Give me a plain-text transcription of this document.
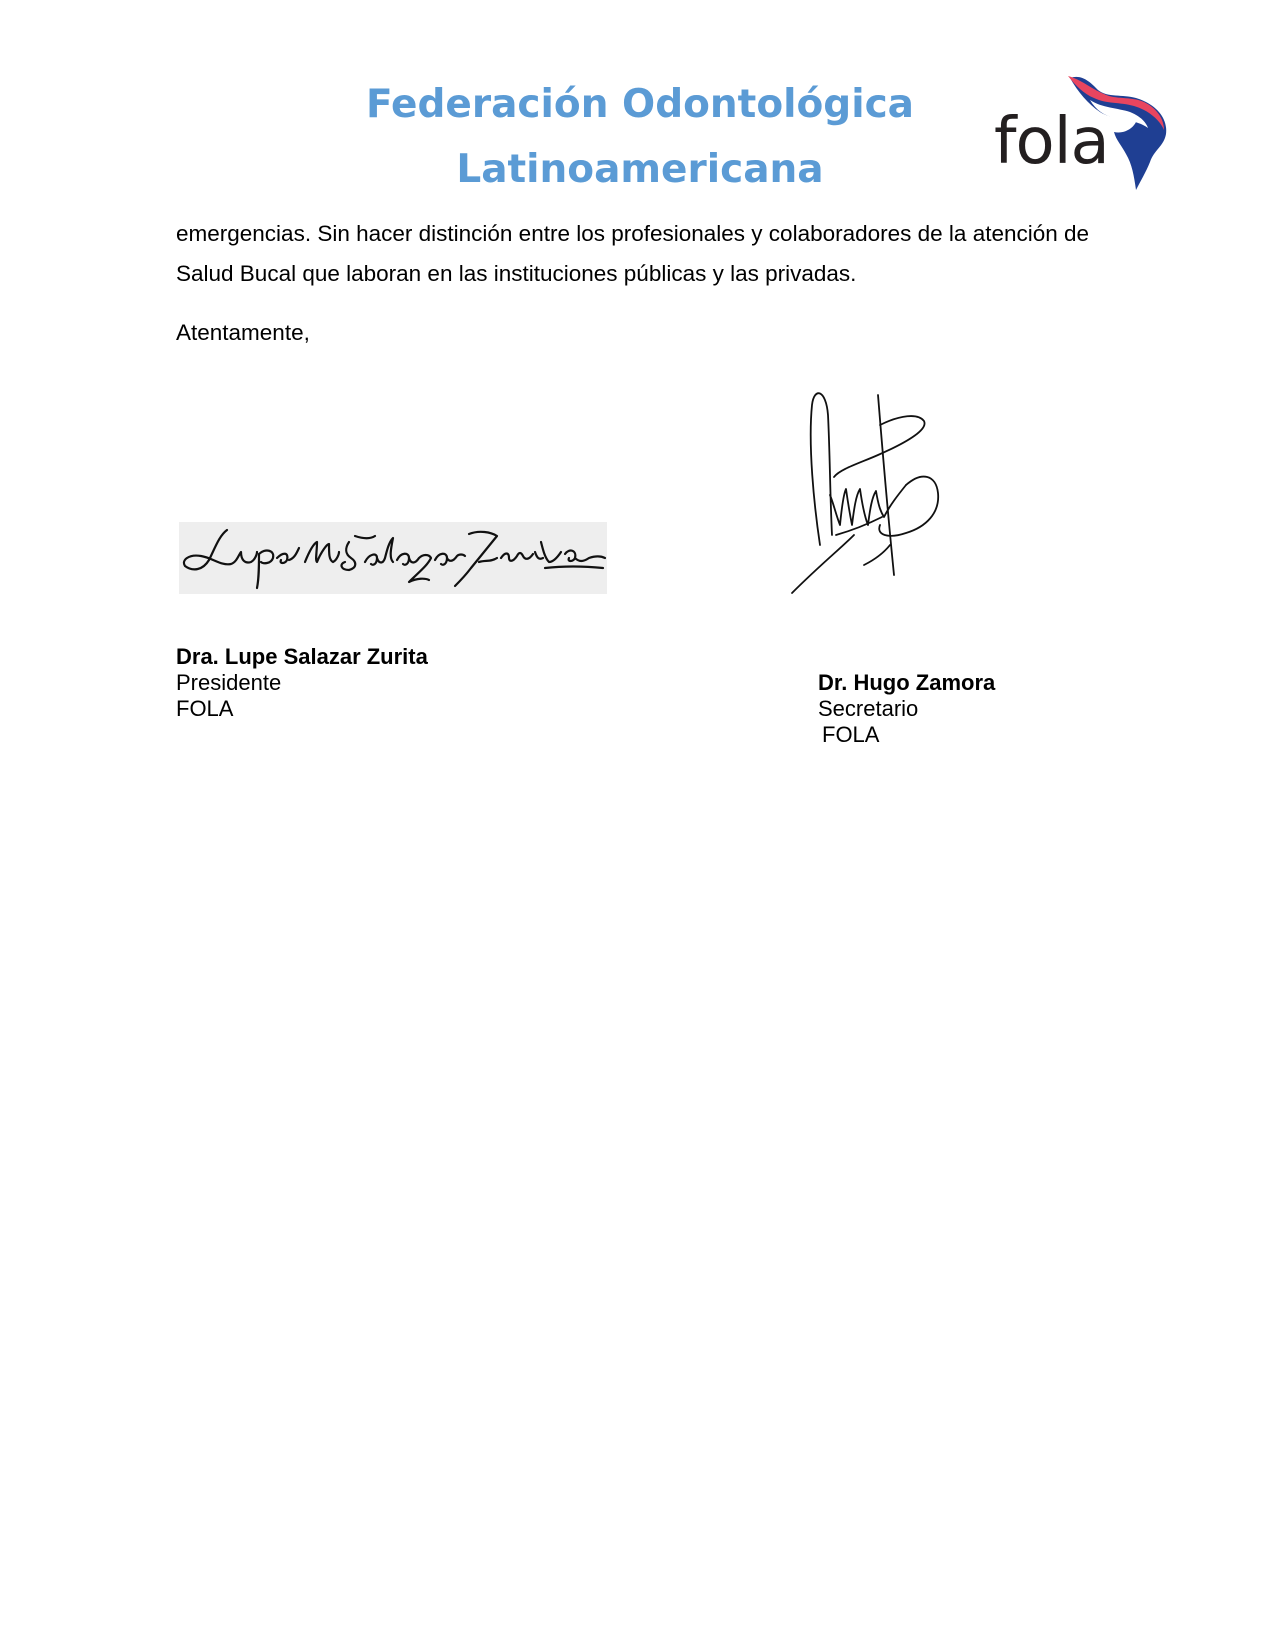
Federación Odontológica
Latinoamericana	fola

emergencias. Sin hacer distinción entre los profesionales y colaboradores de la atención de Salud Bucal que laboran en las instituciones públicas y las privadas.

Atentamente,

Dra. Lupe Salazar Zurita
Presidente
FOLA
Dr. Hugo Zamora
Secretario
FOLA
